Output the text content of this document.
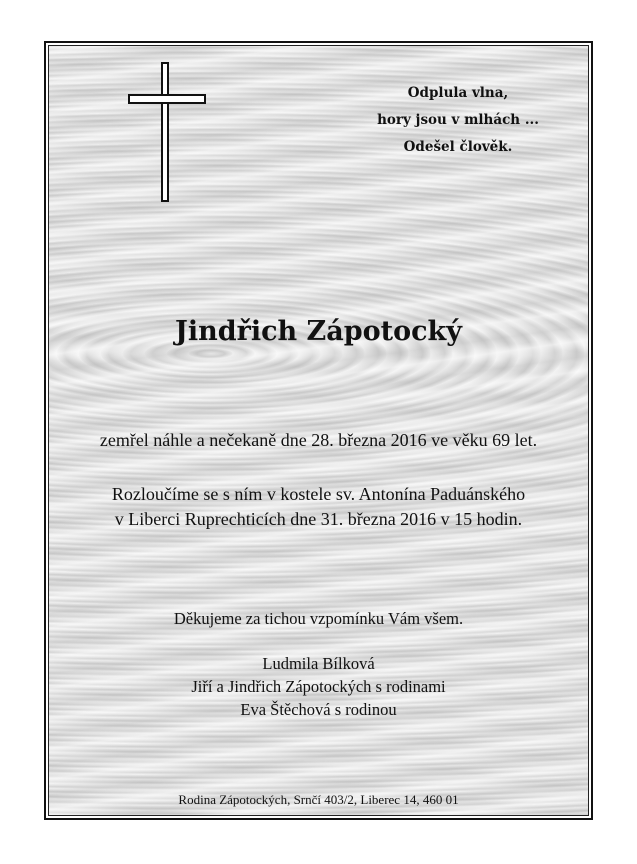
Odplula vlna,
hory jsou v mlhách ...
Odešel člověk.
Jindřich Zápotocký
zemřel náhle a nečekaně dne 28. března 2016 ve věku 69 let.
Rozloučíme se s ním v kostele sv. Antonína Paduánského
v Liberci Ruprechticích dne 31. března 2016 v 15 hodin.
Děkujeme za tichou vzpomínku Vám všem.
Ludmila Bílková
Jiří a Jindřich Zápotockých s rodinami
Eva Štěchová s rodinou
Rodina Zápotockých, Srnčí 403/2, Liberec 14, 460 01
